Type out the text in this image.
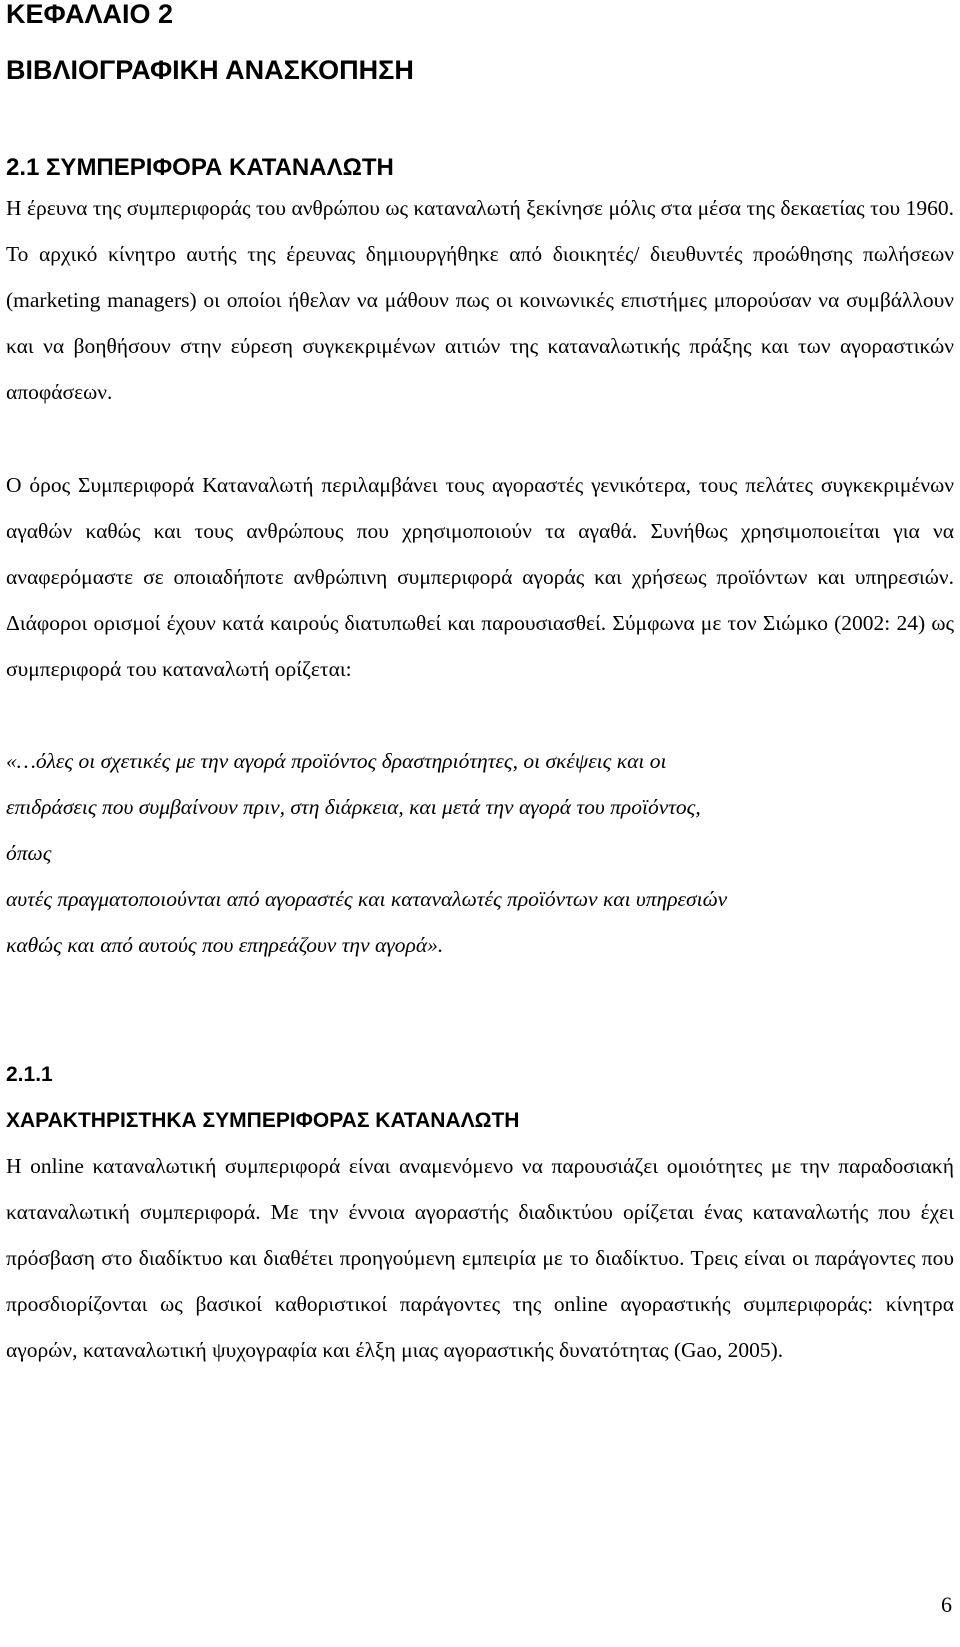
ΚΕΦΑΛΑΙΟ 2
ΒΙΒΛΙΟΓΡΑΦΙΚΗ ΑΝΑΣΚΟΠΗΣΗ
2.1 ΣΥΜΠΕΡΙΦΟΡΑ ΚΑΤΑΝΑΛΩΤΗ

Η έρευνα της συμπεριφοράς του ανθρώπου ως καταναλωτή ξεκίνησε μόλις στα μέσα της δεκαετίας του 1960. Το αρχικό κίνητρο αυτής της έρευνας δημιουργήθηκε από διοικητές/ διευθυντές προώθησης πωλήσεων (marketing managers) οι οποίοι ήθελαν να μάθουν πως οι κοινωνικές επιστήμες μπορούσαν να συμβάλλουν και να βοηθήσουν στην εύρεση συγκεκριμένων αιτιών της καταναλωτικής πράξης και των αγοραστικών αποφάσεων.

Ο όρος Συμπεριφορά Καταναλωτή περιλαμβάνει τους αγοραστές γενικότερα, τους πελάτες συγκεκριμένων αγαθών καθώς και τους ανθρώπους που χρησιμοποιούν τα αγαθά. Συνήθως χρησιμοποιείται για να αναφερόμαστε σε οποιαδήποτε ανθρώπινη συμπεριφορά αγοράς και χρήσεως προϊόντων και υπηρεσιών. Διάφοροι ορισμοί έχουν κατά καιρούς διατυπωθεί και παρουσιασθεί. Σύμφωνα με τον Σιώμκο (2002: 24) ως συμπεριφορά του καταναλωτή ορίζεται:

«…όλες οι σχετικές με την αγορά προϊόντος δραστηριότητες, οι σκέψεις και οι

επιδράσεις που συμβαίνουν πριν, στη διάρκεια, και μετά την αγορά του προϊόντος,

όπως

αυτές πραγματοποιούνται από αγοραστές και καταναλωτές προϊόντων και υπηρεσιών

καθώς και από αυτούς που επηρεάζουν την αγορά».

2.1.1
ΧΑΡΑΚΤΗΡΙΣΤΗΚΑ ΣΥΜΠΕΡΙΦΟΡΑΣ ΚΑΤΑΝΑΛΩΤΗ

Η online καταναλωτική συμπεριφορά είναι αναμενόμενο να παρουσιάζει ομοιότητες με την παραδοσιακή καταναλωτική συμπεριφορά. Με την έννοια αγοραστής διαδικτύου ορίζεται ένας καταναλωτής που έχει πρόσβαση στο διαδίκτυο και διαθέτει προηγούμενη εμπειρία με το διαδίκτυο. Τρεις είναι οι παράγοντες που προσδιορίζονται ως βασικοί καθοριστικοί παράγοντες της online αγοραστικής συμπεριφοράς: κίνητρα αγορών, καταναλωτική ψυχογραφία και έλξη μιας αγοραστικής δυνατότητας (Gao, 2005).

6
